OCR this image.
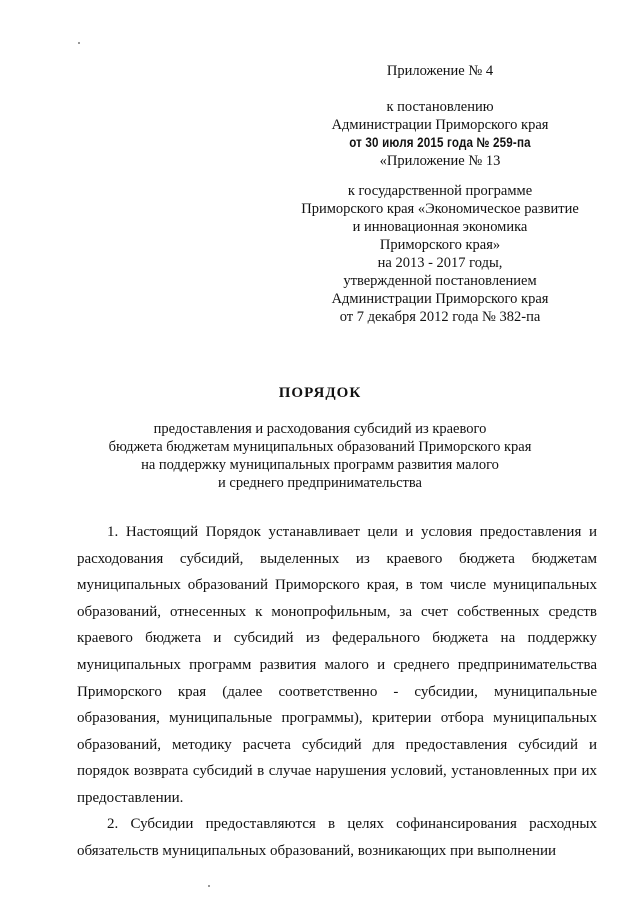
Приложение № 4
к постановлению
Администрации Приморского края
от 30 июля 2015 года № 259-па
«Приложение № 13
к государственной программе
Приморского края «Экономическое развитие
и инновационная экономика
Приморского края»
на 2013 - 2017 годы,
утвержденной постановлением
Администрации Приморского края
от 7 декабря 2012 года № 382-па
ПОРЯДОК
предоставления и расходования субсидий из краевого
бюджета бюджетам муниципальных образований Приморского края
на поддержку муниципальных программ развития малого
и среднего предпринимательства

1. Настоящий Порядок устанавливает цели и условия предоставления и расходования субсидий, выделенных из краевого бюджета бюджетам муниципальных образований Приморского края, в том числе муниципальных образований, отнесенных к монопрофильным, за счет собственных средств краевого бюджета и субсидий из федерального бюджета на поддержку муниципальных программ развития малого и среднего предпринимательства Приморского края (далее соответственно - субсидии, муниципальные образования, муниципальные программы), критерии отбора муниципальных образований, методику расчета субсидий для предоставления субсидий и порядок возврата субсидий в случае нарушения условий, установленных при их предоставлении.

2. Субсидии предоставляются в целях софинансирования расходных обязательств муниципальных образований, возникающих при выполнении
